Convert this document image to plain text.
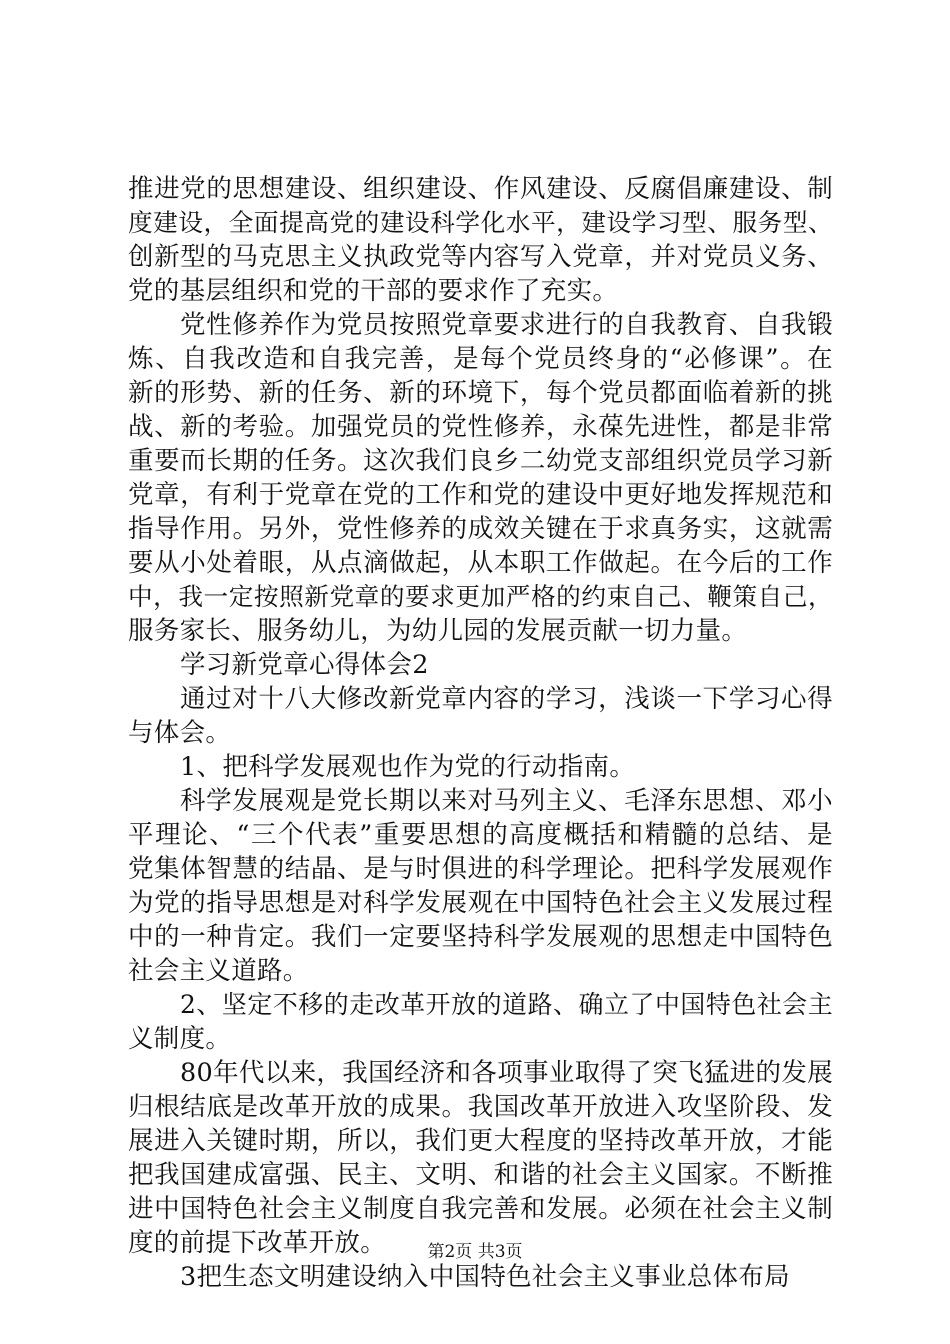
推进党的思想建设、组织建设、作风建设、反腐倡廉建设、制
度建设，全面提高党的建设科学化水平，建设学习型、服务型、
创新型的马克思主义执政党等内容写入党章，并对党员义务、
党的基层组织和党的干部的要求作了充实。
党性修养作为党员按照党章要求进行的自我教育、自我锻
炼、自我改造和自我完善，是每个党员终身的“必修课”。在
新的形势、新的任务、新的环境下，每个党员都面临着新的挑
战、新的考验。加强党员的党性修养，永葆先进性，都是非常
重要而长期的任务。这次我们良乡二幼党支部组织党员学习新
党章，有利于党章在党的工作和党的建设中更好地发挥规范和
指导作用。另外，党性修养的成效关键在于求真务实，这就需
要从小处着眼，从点滴做起，从本职工作做起。在今后的工作
中，我一定按照新党章的要求更加严格的约束自己、鞭策自己，
服务家长、服务幼儿，为幼儿园的发展贡献一切力量。
学习新党章心得体会2
通过对十八大修改新党章内容的学习，浅谈一下学习心得
与体会。
1、把科学发展观也作为党的行动指南。
科学发展观是党长期以来对马列主义、毛泽东思想、邓小
平理论、“三个代表”重要思想的高度概括和精髓的总结、是
党集体智慧的结晶、是与时俱进的科学理论。把科学发展观作
为党的指导思想是对科学发展观在中国特色社会主义发展过程
中的一种肯定。我们一定要坚持科学发展观的思想走中国特色
社会主义道路。
2、坚定不移的走改革开放的道路、确立了中国特色社会主
义制度。
80年代以来，我国经济和各项事业取得了突飞猛进的发展
归根结底是改革开放的成果。我国改革开放进入攻坚阶段、发
展进入关键时期，所以，我们更大程度的坚持改革开放，才能
把我国建成富强、民主、文明、和谐的社会主义国家。不断推
进中国特色社会主义制度自我完善和发展。必须在社会主义制
度的前提下改革开放。
3把生态文明建设纳入中国特色社会主义事业总体布局
第2页 共3页
